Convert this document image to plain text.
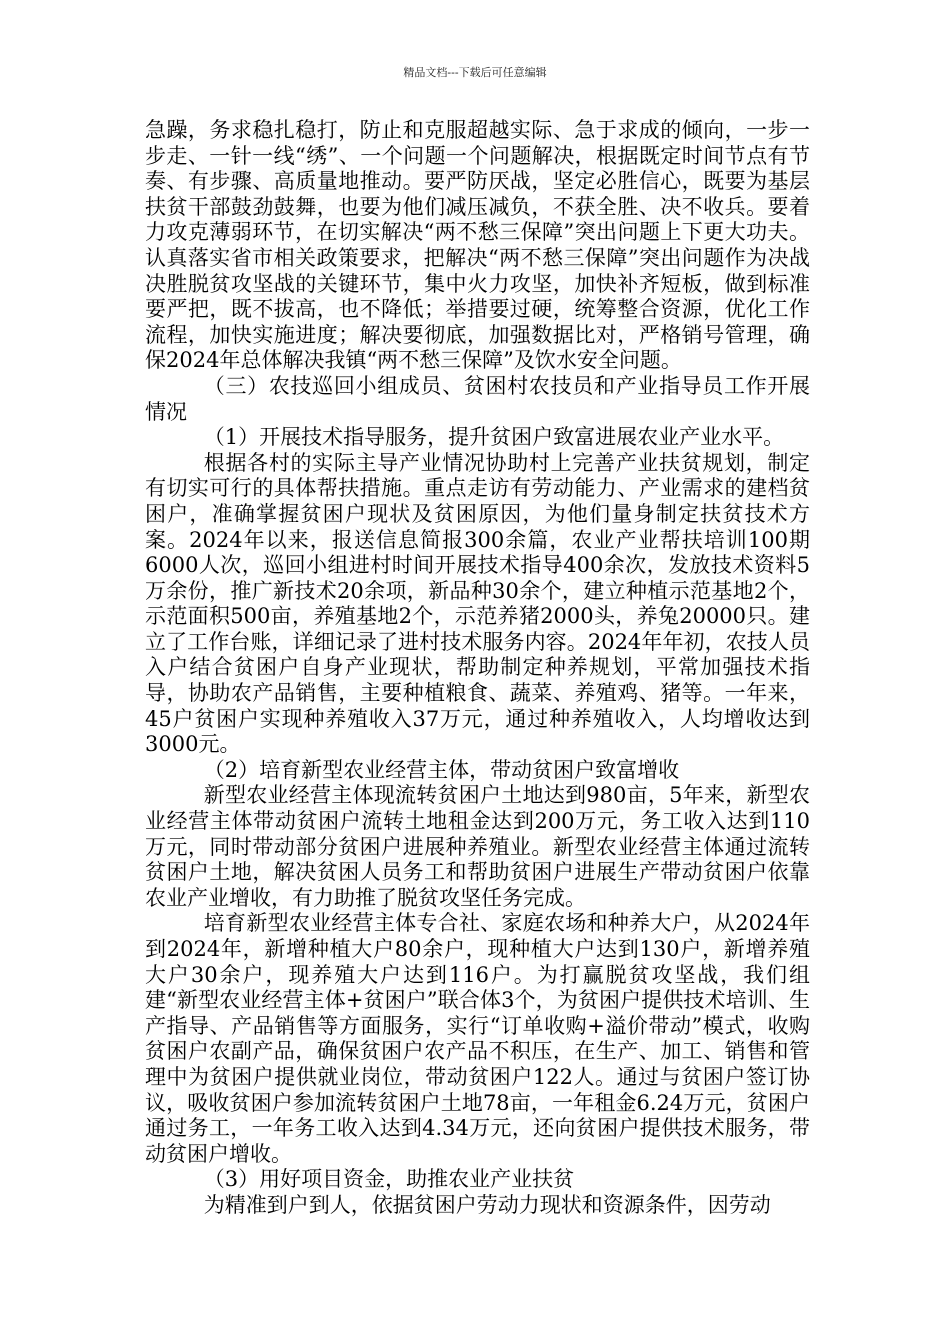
精品文档---下载后可任意编辑

急躁，务求稳扎稳打，防止和克服超越实际、急于求成的倾向，一步一步走、一针一线“绣”、一个问题一个问题解决，根据既定时间节点有节奏、有步骤、高质量地推动。要严防厌战，坚定必胜信心，既要为基层扶贫干部鼓劲鼓舞，也要为他们减压减负，不获全胜、决不收兵。要着力攻克薄弱环节，在切实解决“两不愁三保障”突出问题上下更大功夫。认真落实省市相关政策要求，把解决“两不愁三保障”突出问题作为决战决胜脱贫攻坚战的关键环节，集中火力攻坚，加快补齐短板，做到标准要严把，既不拔高，也不降低；举措要过硬，统筹整合资源，优化工作流程，加快实施进度；解决要彻底，加强数据比对，严格销号管理，确保2024年总体解决我镇“两不愁三保障”及饮水安全问题。

（三）农技巡回小组成员、贫困村农技员和产业指导员工作开展情况

（1）开展技术指导服务，提升贫困户致富进展农业产业水平。

根据各村的实际主导产业情况协助村上完善产业扶贫规划，制定有切实可行的具体帮扶措施。重点走访有劳动能力、产业需求的建档贫困户，准确掌握贫困户现状及贫困原因，为他们量身制定扶贫技术方案。2024年以来，报送信息简报300余篇，农业产业帮扶培训100期6000人次，巡回小组进村时间开展技术指导400余次，发放技术资料5万余份，推广新技术20余项，新品种30余个，建立种植示范基地2个，示范面积500亩，养殖基地2个，示范养猪2000头，养兔20000只。建立了工作台账，详细记录了进村技术服务内容。2024年年初，农技人员入户结合贫困户自身产业现状，帮助制定种养规划，平常加强技术指导，协助农产品销售，主要种植粮食、蔬菜、养殖鸡、猪等。一年来，45户贫困户实现种养殖收入37万元，通过种养殖收入，人均增收达到3000元。

（2）培育新型农业经营主体，带动贫困户致富增收

新型农业经营主体现流转贫困户土地达到980亩，5年来，新型农业经营主体带动贫困户流转土地租金达到200万元，务工收入达到110万元，同时带动部分贫困户进展种养殖业。新型农业经营主体通过流转贫困户土地，解决贫困人员务工和帮助贫困户进展生产带动贫困户依靠农业产业增收，有力助推了脱贫攻坚任务完成。

培育新型农业经营主体专合社、家庭农场和种养大户，从2024年到2024年，新增种植大户80余户，现种植大户达到130户，新增养殖大户30余户，现养殖大户达到116户。为打赢脱贫攻坚战，我们组建“新型农业经营主体+贫困户”联合体3个，为贫困户提供技术培训、生产指导、产品销售等方面服务，实行“订单收购+溢价带动”模式，收购贫困户农副产品，确保贫困户农产品不积压，在生产、加工、销售和管理中为贫困户提供就业岗位，带动贫困户122人。通过与贫困户签订协议，吸收贫困户参加流转贫困户土地78亩，一年租金6.24万元，贫困户通过务工，一年务工收入达到4.34万元，还向贫困户提供技术服务，带动贫困户增收。

（3）用好项目资金，助推农业产业扶贫

为精准到户到人，依据贫困户劳动力现状和资源条件，因劳动
